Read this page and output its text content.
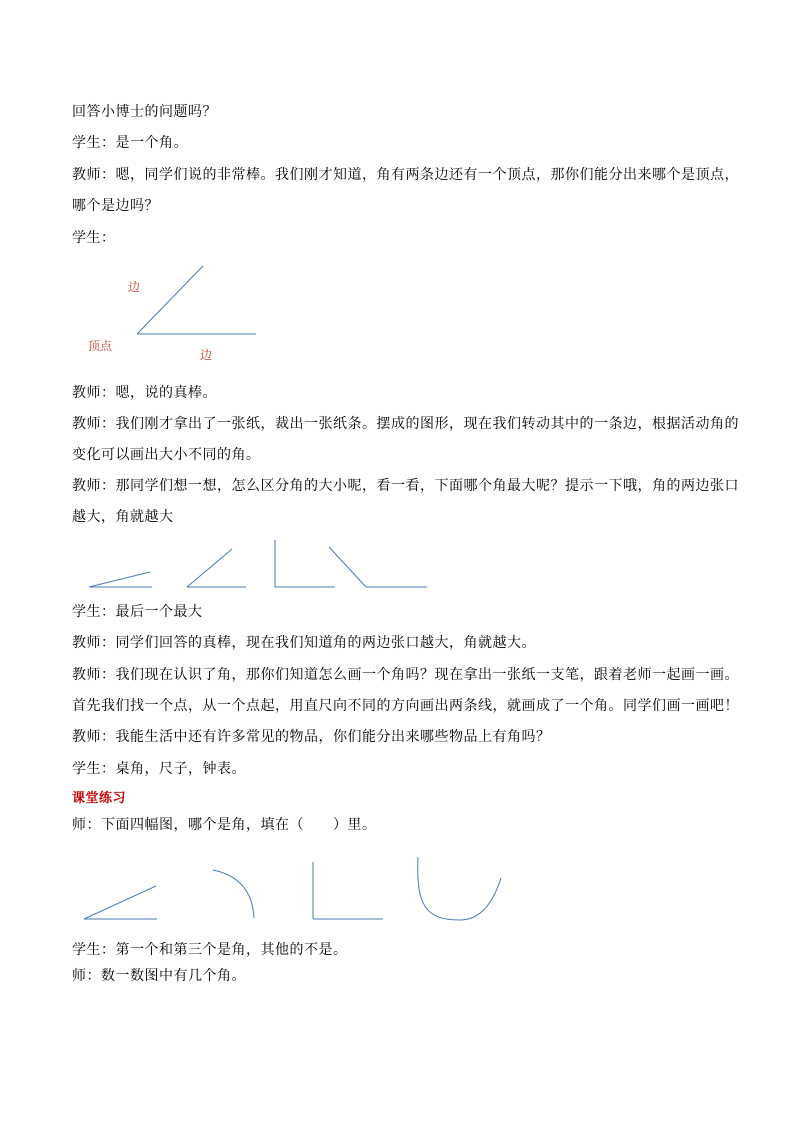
回答小博士的问题吗？
学生：是一个角。
教师：嗯，同学们说的非常棒。我们刚才知道，角有两条边还有一个顶点，那你们能分出来哪个是顶点，
哪个是边吗？
学生：
边
顶点
边
教师：嗯，说的真棒。
教师：我们刚才拿出了一张纸，裁出一张纸条。摆成的图形，现在我们转动其中的一条边，根据活动角的
变化可以画出大小不同的角。
教师：那同学们想一想，怎么区分角的大小呢，看一看，下面哪个角最大呢？提示一下哦，角的两边张口
越大，角就越大
学生：最后一个最大
教师：同学们回答的真棒，现在我们知道角的两边张口越大，角就越大。
教师：我们现在认识了角，那你们知道怎么画一个角吗？现在拿出一张纸一支笔，跟着老师一起画一画。
首先我们找一个点，从一个点起，用直尺向不同的方向画出两条线，就画成了一个角。同学们画一画吧！
教师：我能生活中还有许多常见的物品，你们能分出来哪些物品上有角吗？
学生：桌角，尺子，钟表。
课堂练习
师：下面四幅图，哪个是角，填在（　　）里。
学生：第一个和第三个是角，其他的不是。
师：数一数图中有几个角。
